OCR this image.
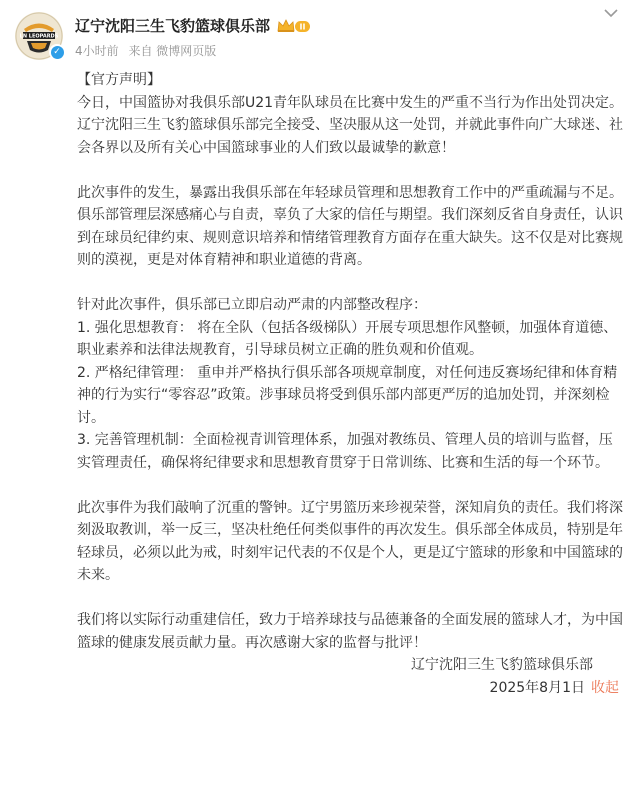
LN LEOPARDS
✓
辽宁沈阳三生飞豹篮球俱乐部	II
4小时前 来自 微博网页版

【官方声明】

今日，中国篮协对我俱乐部U21青年队球员在比赛中发生的严重不当行为作出处罚决定。辽宁沈阳三生飞豹篮球俱乐部完全接受、坚决服从这一处罚，并就此事件向广大球迷、社会各界以及所有关心中国篮球事业的人们致以最诚挚的歉意！

此次事件的发生，暴露出我俱乐部在年轻球员管理和思想教育工作中的严重疏漏与不足。俱乐部管理层深感痛心与自责，辜负了大家的信任与期望。我们深刻反省自身责任，认识到在球员纪律约束、规则意识培养和情绪管理教育方面存在重大缺失。这不仅是对比赛规则的漠视，更是对体育精神和职业道德的背离。

针对此次事件，俱乐部已立即启动严肃的内部整改程序：

1. 强化思想教育： 将在全队（包括各级梯队）开展专项思想作风整顿，加强体育道德、职业素养和法律法规教育，引导球员树立正确的胜负观和价值观。

2. 严格纪律管理： 重申并严格执行俱乐部各项规章制度，对任何违反赛场纪律和体育精神的行为实行“零容忍”政策。涉事球员将受到俱乐部内部更严厉的追加处罚，并深刻检讨。

3. 完善管理机制：全面检视青训管理体系，加强对教练员、管理人员的培训与监督，压实管理责任，确保将纪律要求和思想教育贯穿于日常训练、比赛和生活的每一个环节。

此次事件为我们敲响了沉重的警钟。辽宁男篮历来珍视荣誉，深知肩负的责任。我们将深刻汲取教训，举一反三，坚决杜绝任何类似事件的再次发生。俱乐部全体成员，特别是年轻球员，必须以此为戒，时刻牢记代表的不仅是个人，更是辽宁篮球的形象和中国篮球的未来。

我们将以实际行动重建信任，致力于培养球技与品德兼备的全面发展的篮球人才，为中国篮球的健康发展贡献力量。再次感谢大家的监督与批评！

辽宁沈阳三生飞豹篮球俱乐部

2025年8月1日 收起
